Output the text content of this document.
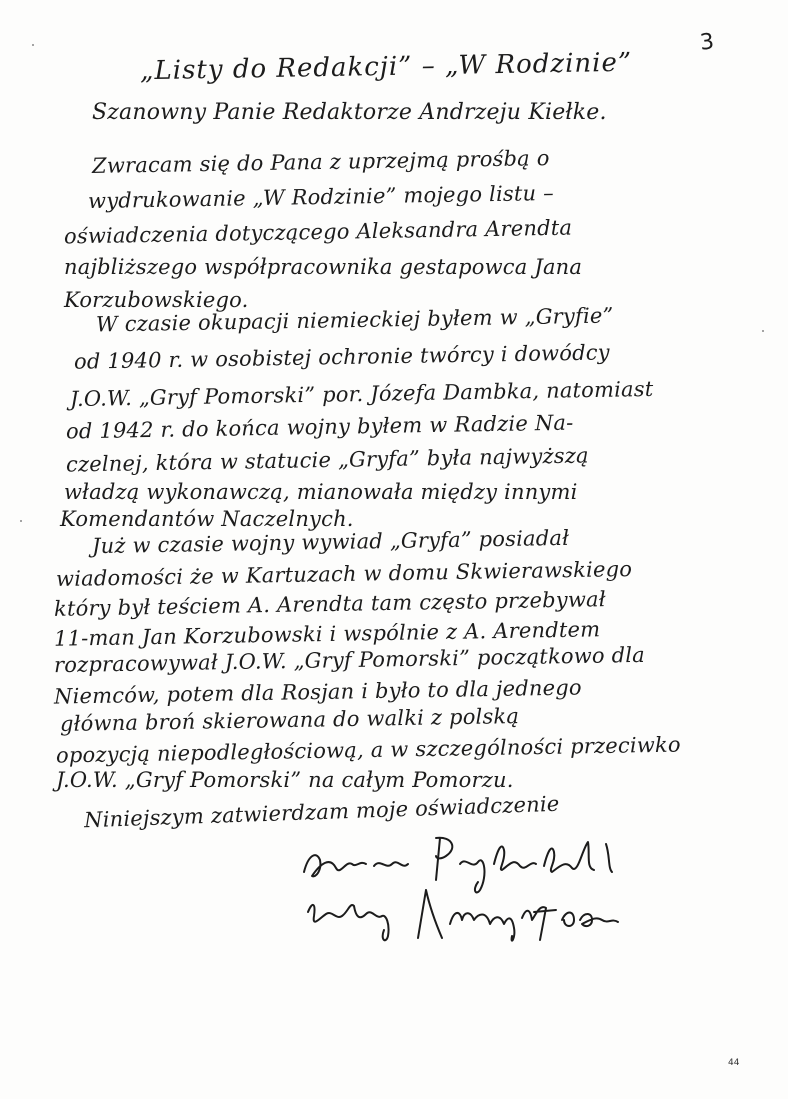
3
„Listy do Redakcji” – „W Rodzinie”
Szanowny Panie Redaktorze Andrzeju Kiełke.
Zwracam się do Pana z uprzejmą prośbą o
wydrukowanie „W Rodzinie” mojego listu –
oświadczenia dotyczącego Aleksandra Arendta
najbliższego współpracownika gestapowca Jana
Korzubowskiego.
W czasie okupacji niemieckiej byłem w „Gryfie”
od 1940 r. w osobistej ochronie twórcy i dowódcy
J.O.W. „Gryf Pomorski” por. Józefa Dambka, natomiast
od 1942 r. do końca wojny byłem w Radzie Na-
czelnej, która w statucie „Gryfa” była najwyższą
władzą wykonawczą, mianowała między innymi
Komendantów Naczelnych.
Już w czasie wojny wywiad „Gryfa” posiadał
wiadomości że w Kartuzach w domu Skwierawskiego
który był teściem A. Arendta tam często przebywał
11-man Jan Korzubowski i wspólnie z A. Arendtem
rozpracowywał J.O.W. „Gryf Pomorski” początkowo dla
Niemców, potem dla Rosjan i było to dla jednego
główna broń skierowana do walki z polską
opozycją niepodległościową, a w szczególności przeciwko
J.O.W. „Gryf Pomorski” na całym Pomorzu.
Niniejszym zatwierdzam moje oświadczenie
44
